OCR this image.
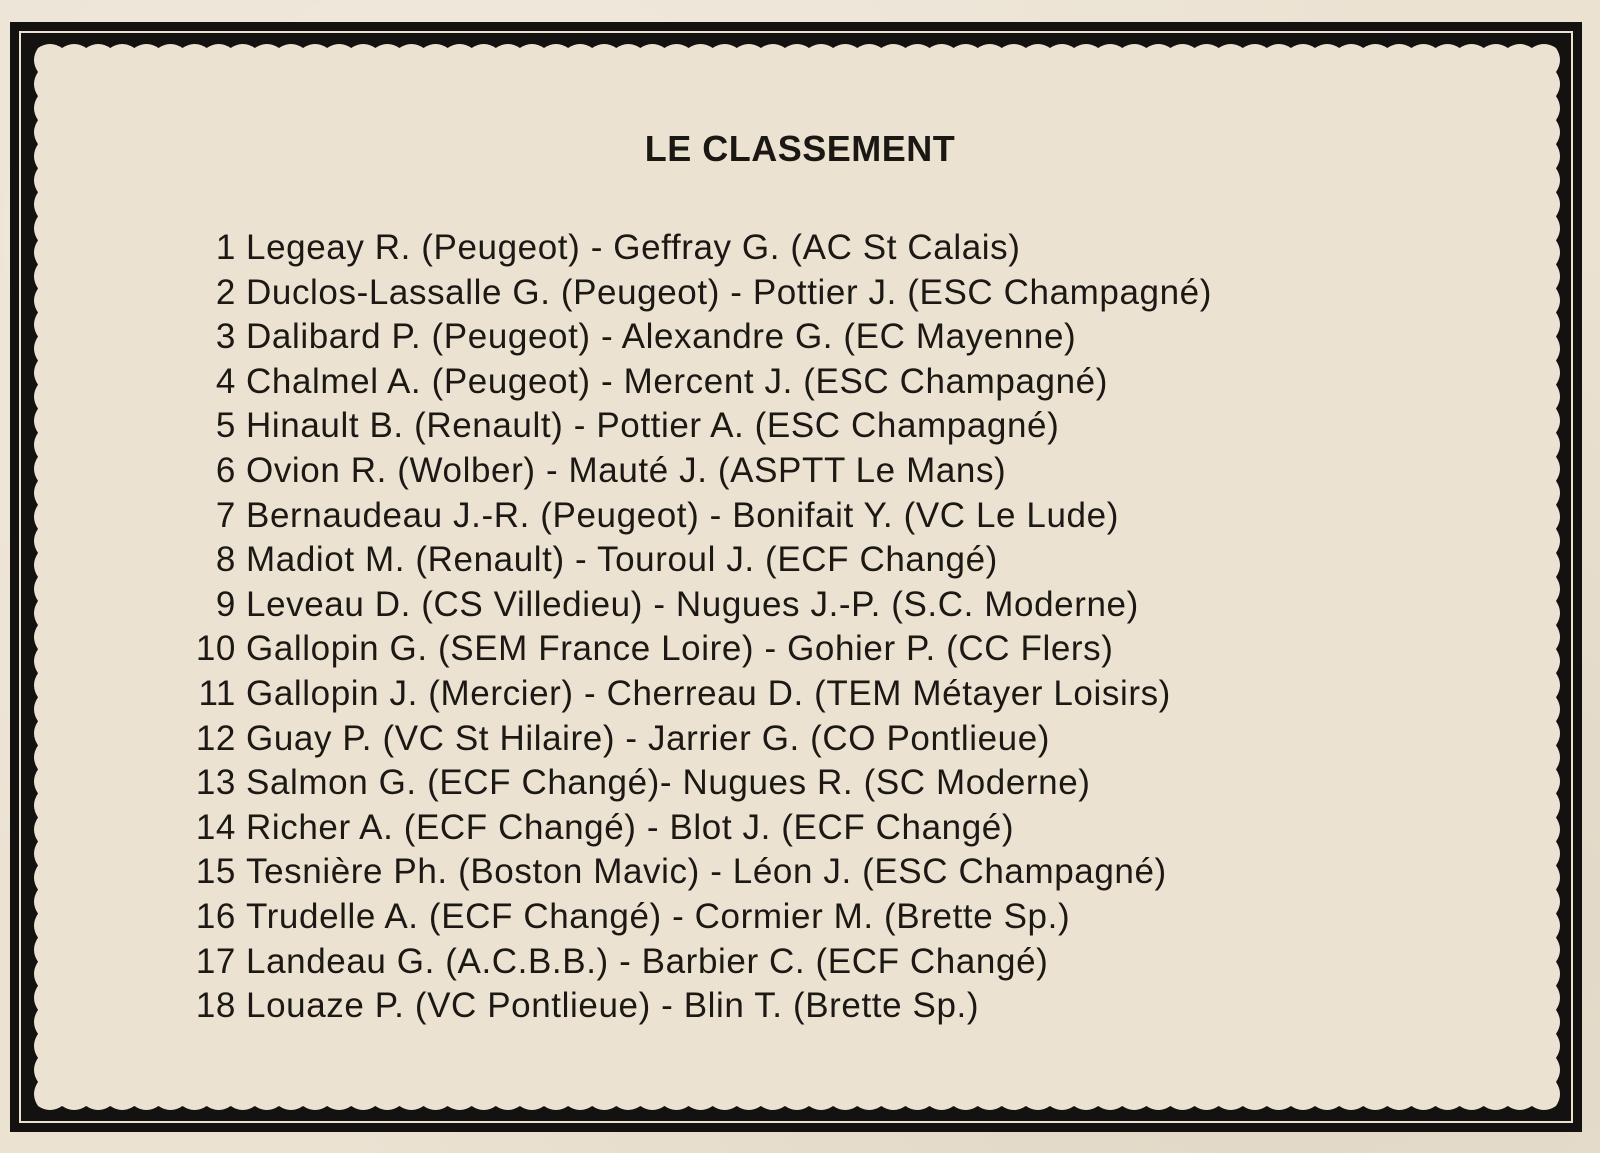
LE CLASSEMENT
1 Legeay R. (Peugeot) - Geffray G. (AC St Calais)
2 Duclos-Lassalle G. (Peugeot) - Pottier J. (ESC Champagné)
3 Dalibard P. (Peugeot) - Alexandre G. (EC Mayenne)
4 Chalmel A. (Peugeot) - Mercent J. (ESC Champagné)
5 Hinault B. (Renault) - Pottier A. (ESC Champagné)
6 Ovion R. (Wolber) - Mauté J. (ASPTT Le Mans)
7 Bernaudeau J.-R. (Peugeot) - Bonifait Y. (VC Le Lude)
8 Madiot M. (Renault) - Touroul J. (ECF Changé)
9 Leveau D. (CS Villedieu) - Nugues J.-P. (S.C. Moderne)
10 Gallopin G. (SEM France Loire) - Gohier P. (CC Flers)
11 Gallopin J. (Mercier) - Cherreau D. (TEM Métayer Loisirs)
12 Guay P. (VC St Hilaire) - Jarrier G. (CO Pontlieue)
13 Salmon G. (ECF Changé)- Nugues R. (SC Moderne)
14 Richer A. (ECF Changé) - Blot J. (ECF Changé)
15 Tesnière Ph. (Boston Mavic) - Léon J. (ESC Champagné)
16 Trudelle A. (ECF Changé) - Cormier M. (Brette Sp.)
17 Landeau G. (A.C.B.B.) - Barbier C. (ECF Changé)
18 Louaze P. (VC Pontlieue) - Blin T. (Brette Sp.)
